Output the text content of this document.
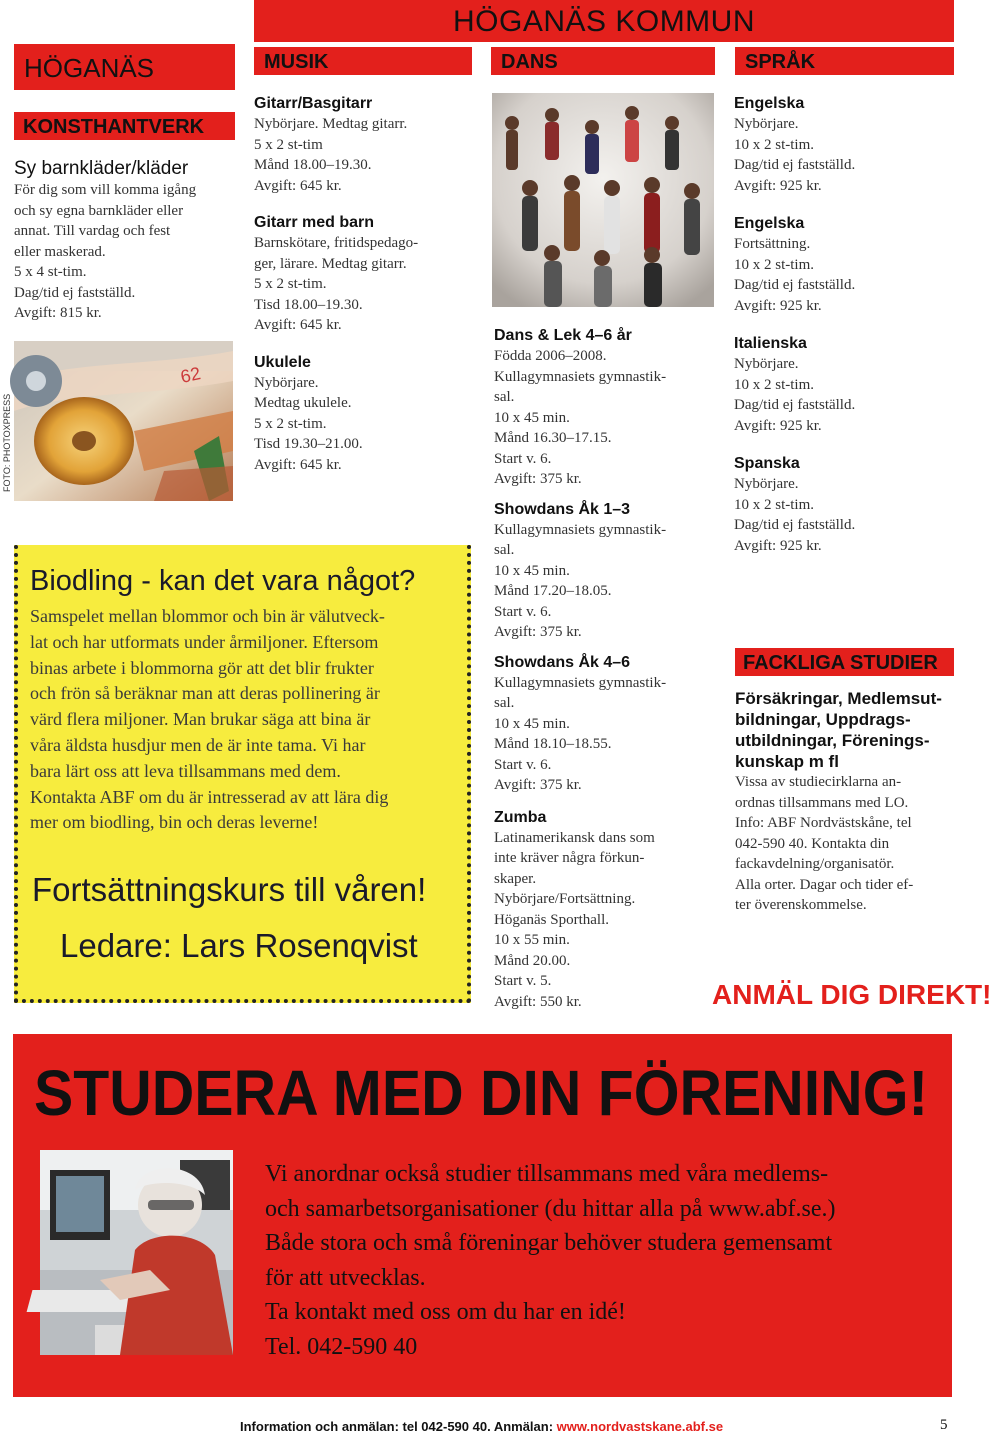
HÖGANÄS KOMMUN
HÖGANÄS	MUSIK	DANS	SPRÅK
KONSTHANTVERK

Sy barnkläder/kläder

För dig som vill komma igång

och sy egna barnkläder eller

annat. Till vardag och fest

eller maskerad.

5 x 4 st-tim.

Dag/tid ej fastställd.

Avgift: 815 kr.

62
FOTO: PHOTOXPRESS

Gitarr/Basgitarr

Nybörjare. Medtag gitarr.

5 x 2 st-tim

Månd 18.00–19.30.

Avgift: 645 kr.

Gitarr med barn

Barnskötare, fritidspedago-

ger, lärare. Medtag gitarr.

5 x 2 st-tim.

Tisd 18.00–19.30.

Avgift: 645 kr.

Ukulele

Nybörjare.

Medtag ukulele.

5 x 2 st-tim.

Tisd 19.30–21.00.

Avgift: 645 kr.

Dans & Lek 4–6 år

Födda 2006–2008.

Kullagymnasiets gymnastik-

sal.

10 x 45 min.

Månd 16.30–17.15.

Start v. 6.

Avgift: 375 kr.

Showdans Åk 1–3

Kullagymnasiets gymnastik-

sal.

10 x 45 min.

Månd 17.20–18.05.

Start v. 6.

Avgift: 375 kr.

Showdans Åk 4–6

Kullagymnasiets gymnastik-

sal.

10 x 45 min.

Månd 18.10–18.55.

Start v. 6.

Avgift: 375 kr.

Zumba

Latinamerikansk dans som

inte kräver några förkun-

skaper.

Nybörjare/Fortsättning.

Höganäs Sporthall.

10 x 55 min.

Månd 20.00.

Start v. 5.

Avgift: 550 kr.

Engelska

Nybörjare.

10 x 2 st-tim.

Dag/tid ej fastställd.

Avgift: 925 kr.

Engelska

Fortsättning.

10 x 2 st-tim.

Dag/tid ej fastställd.

Avgift: 925 kr.

Italienska

Nybörjare.

10 x 2 st-tim.

Dag/tid ej fastställd.

Avgift: 925 kr.

Spanska

Nybörjare.

10 x 2 st-tim.

Dag/tid ej fastställd.

Avgift: 925 kr.

FACKLIGA STUDIER

Försäkringar, Medlemsut-

bildningar, Uppdrags-

utbildningar, Förenings-

kunskap m fl

Vissa av studiecirklarna an-

ordnas tillsammans med LO.

Info: ABF Nordvästskåne, tel

042-590 40. Kontakta din

fackavdelning/organisatör.

Alla orter. Dagar och tider ef-

ter överenskommelse.

ANMÄL DIG DIREKT!

Biodling - kan det vara något?

Samspelet mellan blommor och bin är välutveck-

lat och har utformats under årmiljoner. Eftersom

binas arbete i blommorna gör att det blir frukter

och frön så beräknar man att deras pollinering är

värd flera miljoner. Man brukar säga att bina är

våra äldsta husdjur men de är inte tama. Vi har

bara lärt oss att leva tillsammans med dem.

Kontakta ABF om du är intresserad av att lära dig

mer om biodling, bin och deras leverne!

Fortsättningskurs till våren!
Ledare: Lars Rosenqvist
STUDERA MED DIN FÖRENING!

Vi anordnar också studier tillsammans med våra medlems-

och samarbetsorganisationer (du hittar alla på www.abf.se.)

Både stora och små föreningar behöver studera gemensamt

för att utvecklas.

Ta kontakt med oss om du har en idé!

Tel. 042-590 40

Information och anmälan: tel 042-590 40. Anmälan: www.nordvastskane.abf.se	5
